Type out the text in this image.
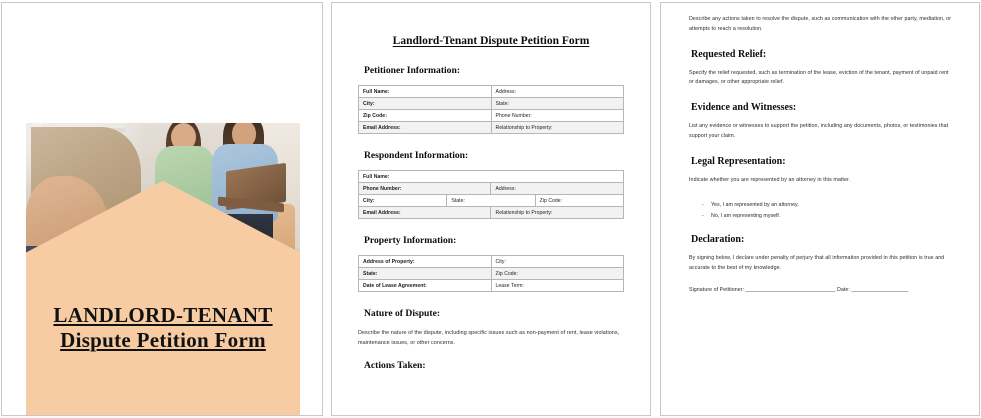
LANDLORD-TENANT
Dispute Petition Form
Landlord-Tenant Dispute Petition Form
Petitioner Information:
Full Name:	Address:
City:	State:
Zip Code:	Phone Number:
Email Address:	Relationship to Property:
Respondent Information:
Full Name:			
Phone Number:		Address:	
City:	State:		Zip Code:
Email Address:		Relationship to Property:	
Property Information:
Address of Property:	City:
State:	Zip Code:
Date of Lease Agreement:	Lease Term:
Nature of Dispute:

Describe the nature of the dispute, including specific issues such as non-payment of rent, lease violations, maintenance issues, or other concerns.

Actions Taken:

Describe any actions taken to resolve the dispute, such as communication with the other party, mediation, or attempts to reach a resolution.

Requested Relief:

Specify the relief requested, such as termination of the lease, eviction of the tenant, payment of unpaid rent or damages, or other appropriate relief.

Evidence and Witnesses:

List any evidence or witnesses to support the petition, including any documents, photos, or testimonies that support your claim.

Legal Representation:

Indicate whether you are represented by an attorney in this matter.

- Yes, I am represented by an attorney.
- No, I am representing myself.
Declaration:

By signing below, I declare under penalty of perjury that all information provided in this petition is true and accurate to the best of my knowledge.

Signature of Petitioner: ______________________________ Date: ___________________
